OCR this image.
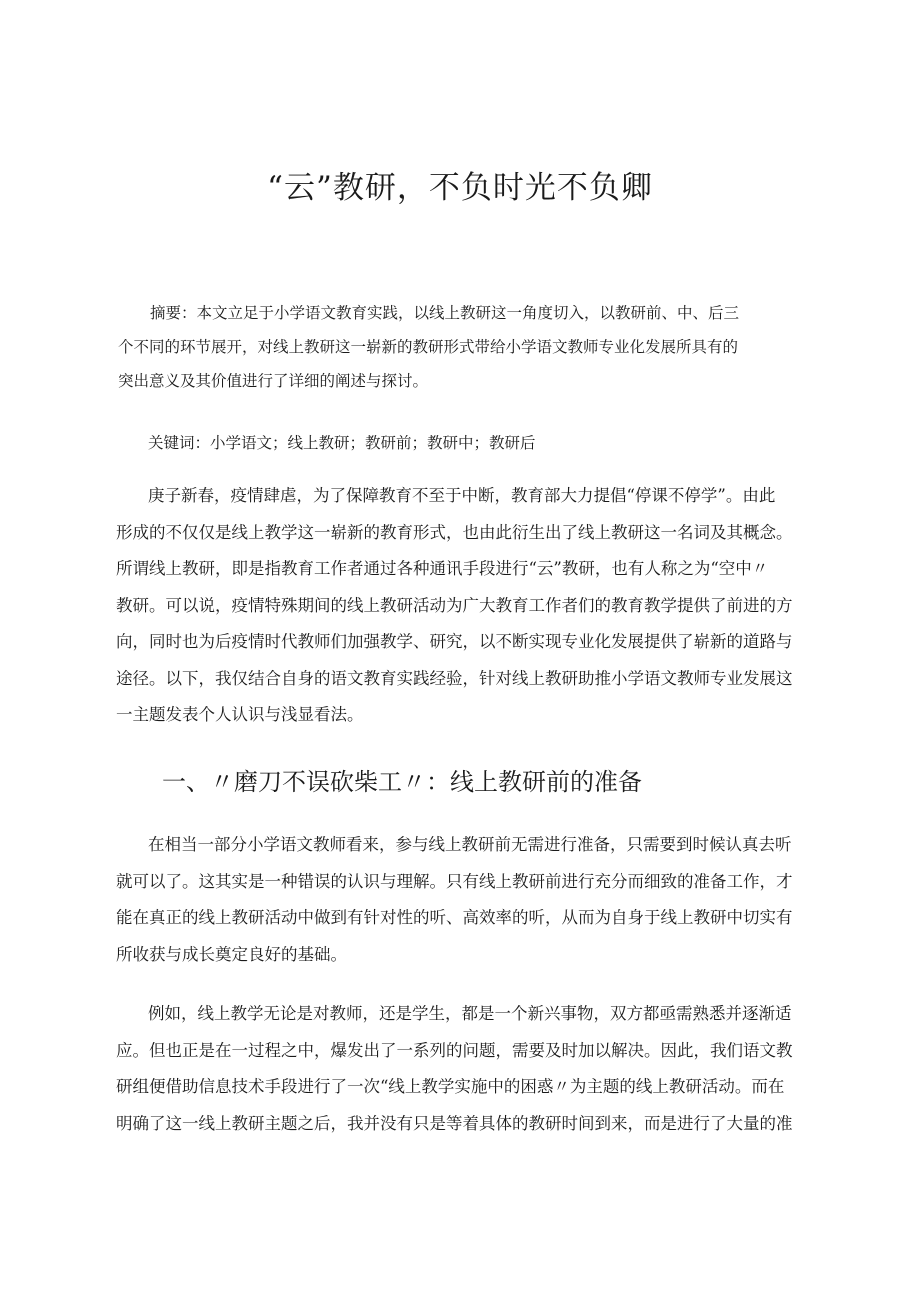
“云”教研，不负时光不负卿
摘要：本文立足于小学语文教育实践，以线上教研这一角度切入，以教研前、中、后三
个不同的环节展开，对线上教研这一崭新的教研形式带给小学语文教师专业化发展所具有的
突出意义及其价值进行了详细的阐述与探讨。
关键词：小学语文；线上教研；教研前；教研中；教研后
庚子新春，疫情肆虐，为了保障教育不至于中断，教育部大力提倡“停课不停学”。由此
形成的不仅仅是线上教学这一崭新的教育形式，也由此衍生出了线上教研这一名词及其概念。
所谓线上教研，即是指教育工作者通过各种通讯手段进行“云”教研，也有人称之为“空中〃
教研。可以说，疫情特殊期间的线上教研活动为广大教育工作者们的教育教学提供了前进的方
向，同时也为后疫情时代教师们加强教学、研究，以不断实现专业化发展提供了崭新的道路与
途径。以下，我仅结合自身的语文教育实践经验，针对线上教研助推小学语文教师专业发展这
一主题发表个人认识与浅显看法。
一、〃磨刀不误砍柴工〃：线上教研前的准备
在相当一部分小学语文教师看来，参与线上教研前无需进行准备，只需要到时候认真去听
就可以了。这其实是一种错误的认识与理解。只有线上教研前进行充分而细致的准备工作，才
能在真正的线上教研活动中做到有针对性的听、高效率的听，从而为自身于线上教研中切实有
所收获与成长奠定良好的基础。
例如，线上教学无论是对教师，还是学生，都是一个新兴事物，双方都亟需熟悉并逐渐适
应。但也正是在一过程之中，爆发出了一系列的问题，需要及时加以解决。因此，我们语文教
研组便借助信息技术手段进行了一次“线上教学实施中的困惑〃为主题的线上教研活动。而在
明确了这一线上教研主题之后，我并没有只是等着具体的教研时间到来，而是进行了大量的准
